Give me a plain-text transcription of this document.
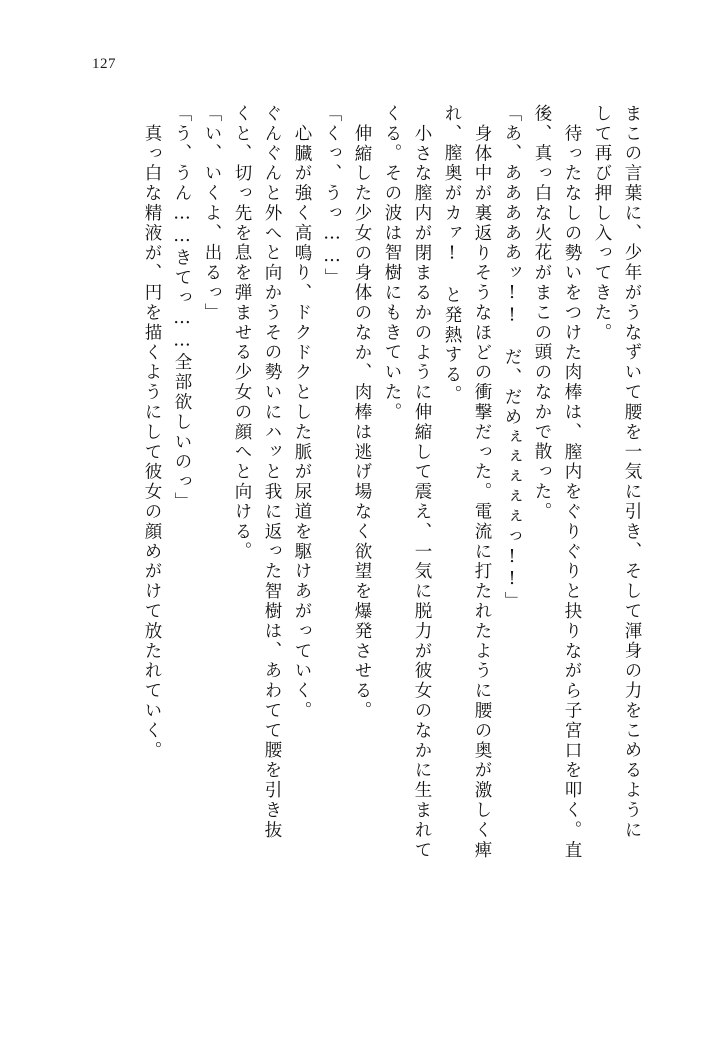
127
まこの言葉に、少年がうなずいて腰を一気に引き、そして渾身の力をこめるように
して再び押し入ってきた。
待ったなしの勢いをつけた肉棒は、膣内をぐりぐりと抉りながら子宮口を叩く。直
後、真っ白な火花がまこの頭のなかで散った。
「あ、あああああッ!!　だ、だめぇぇぇぇぇっ!!」
身体中が裏返りそうなほどの衝撃だった。電流に打たれたように腰の奥が激しく痺
れ、膣奥がカァ!　と発熱する。
小さな膣内が閉まるかのように伸縮して震え、一気に脱力が彼女のなかに生まれて
くる。その波は智樹にもきていた。
伸縮した少女の身体のなか、肉棒は逃げ場なく欲望を爆発させる。
「くっ、うっ……」
心臓が強く高鳴り、ドクドクとした脈が尿道を駆けあがっていく。
ぐんぐんと外へと向かうその勢いにハッと我に返った智樹は、あわてて腰を引き抜
くと、切っ先を息を弾ませる少女の顔へと向ける。
「い、いくよ、出るっ」
「う、うん……きてっ……全部欲しいのっ」
真っ白な精液が、円を描くようにして彼女の顔めがけて放たれていく。
